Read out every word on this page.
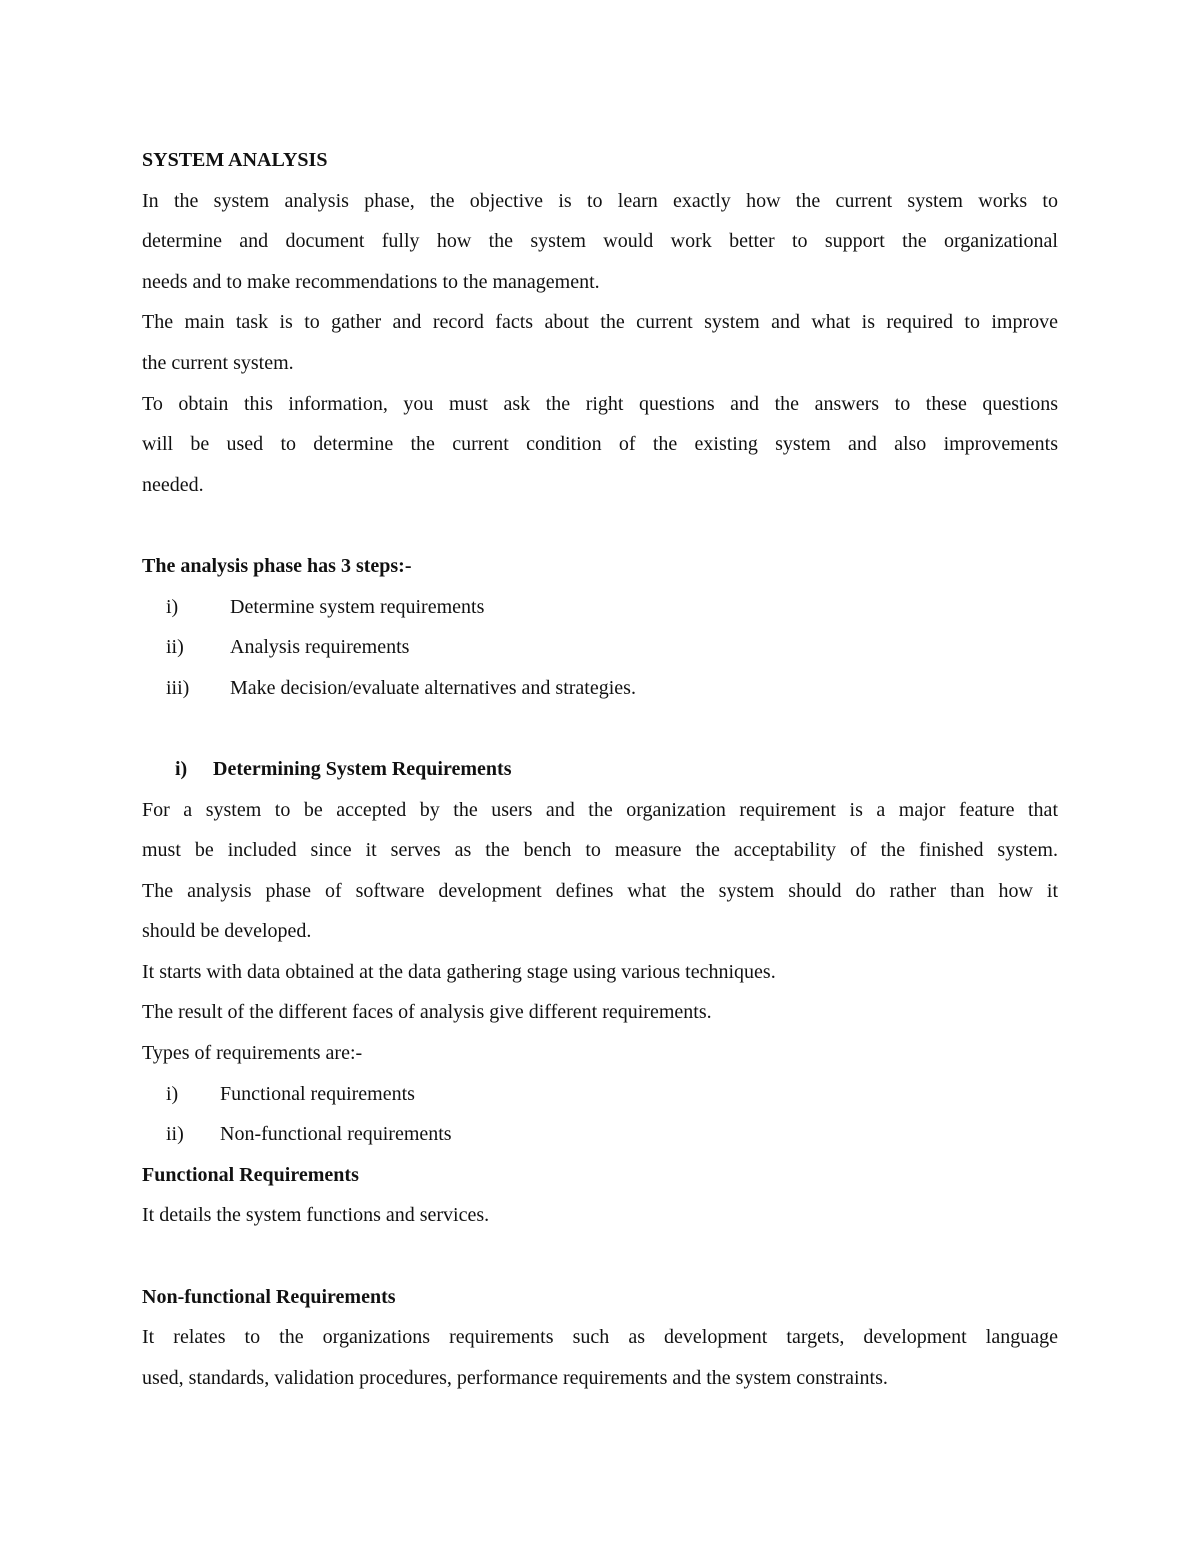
SYSTEM ANALYSIS

In the system analysis phase, the objective is to learn exactly how the current system works to

determine and document fully how the system would work better to support the organizational

needs and to make recommendations to the management.

The main task is to gather and record facts about the current system and what is required to improve

the current system.

To obtain this information, you must ask the right questions and the answers to these questions

will be used to determine the current condition of the existing system and also improvements

needed.

The analysis phase has 3 steps:-

i)	Determine system requirements

ii)	Analysis requirements

iii)	Make decision/evaluate alternatives and strategies.

i)	Determining System Requirements

For a system to be accepted by the users and the organization requirement is a major feature that

must be included since it serves as the bench to measure the acceptability of the finished system.

The analysis phase of software development defines what the system should do rather than how it

should be developed.

It starts with data obtained at the data gathering stage using various techniques.

The result of the different faces of analysis give different requirements.

Types of requirements are:-

i)	Functional requirements

ii)	Non-functional requirements

Functional Requirements

It details the system functions and services.

Non-functional Requirements

It relates to the organizations requirements such as development targets, development language

used, standards, validation procedures, performance requirements and the system constraints.
